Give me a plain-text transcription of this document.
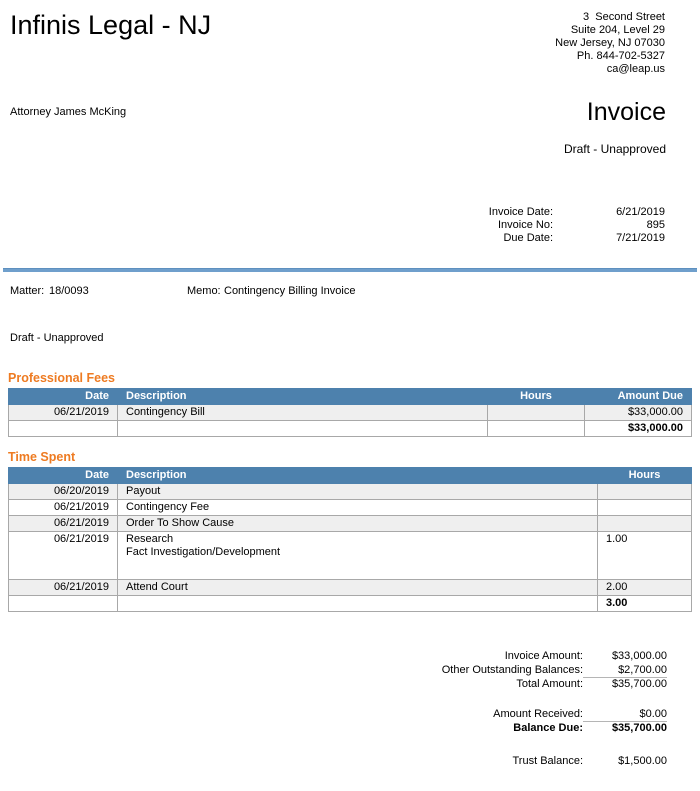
Infinis Legal - NJ	3  Second Street
Suite 204, Level 29
New Jersey, NJ 07030
Ph. 844-702-5327
ca@leap.us
Attorney James McKing	Invoice
Draft - Unapproved
Invoice Date:	6/21/2019
Invoice No:	895
Due Date:	7/21/2019
Matter: 18/0093	Memo: Contingency Billing Invoice
Draft - Unapproved
Professional Fees
Date	Description	Hours	Amount Due
06/21/2019	Contingency Bill		$33,000.00
			$33,000.00
Time Spent
Date	Description	Hours
06/20/2019	Payout	
06/21/2019	Contingency Fee	
06/21/2019	Order To Show Cause	
06/21/2019	Research
Fact Investigation/Development	1.00
06/21/2019	Attend Court	2.00
		3.00
Invoice Amount:	$33,000.00
Other Outstanding Balances:	$2,700.00
Total Amount:	$35,700.00
Amount Received:	$0.00
Balance Due:	$35,700.00
Trust Balance:	$1,500.00
